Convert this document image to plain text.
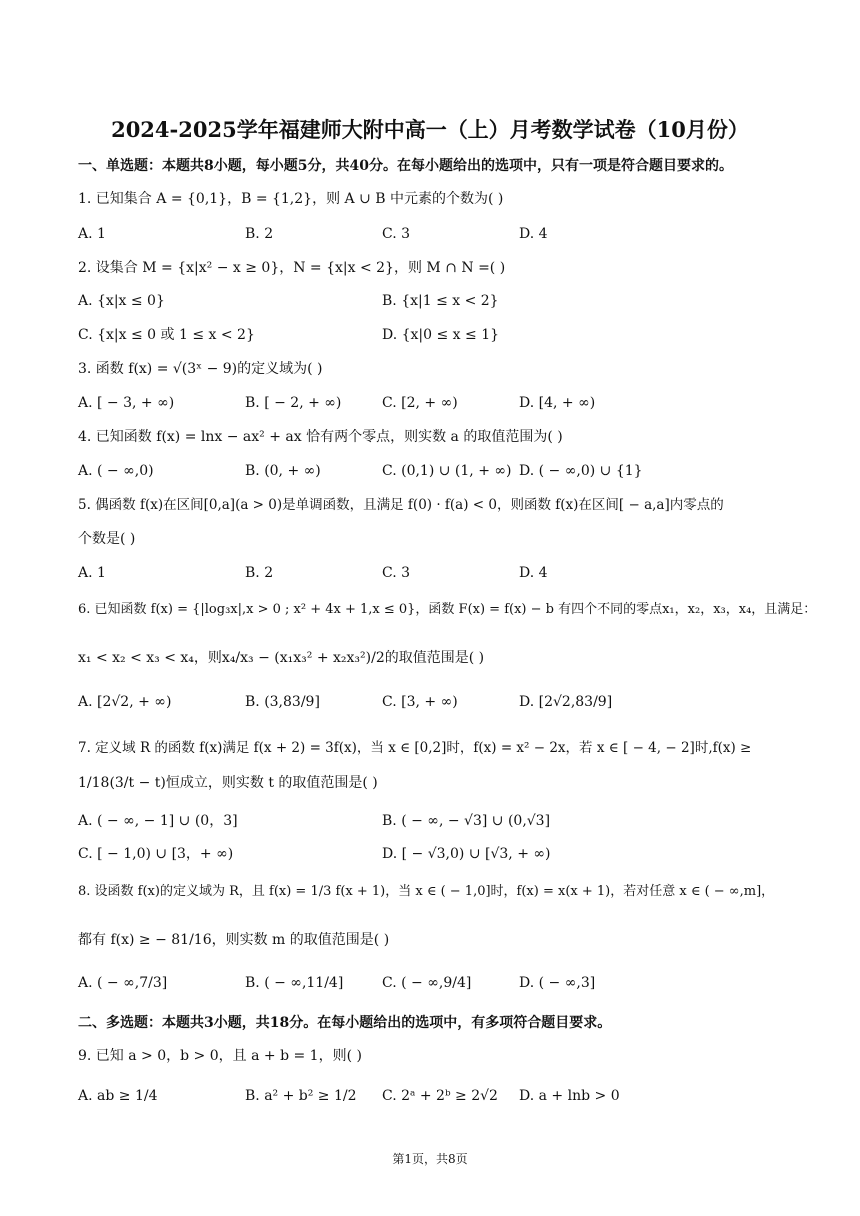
2024-2025学年福建师大附中高一（上）月考数学试卷（10月份）
一、单选题：本题共8小题，每小题5分，共40分。在每小题给出的选项中，只有一项是符合题目要求的。
1. 已知集合 A = {0,1}，B = {1,2}，则 A ∪ B 中元素的个数为( )
A. 1	B. 2	C. 3	D. 4
2. 设集合 M = {x|x² − x ≥ 0}，N = {x|x < 2}，则 M ∩ N =( )
A. {x|x ≤ 0}	B. {x|1 ≤ x < 2}
C. {x|x ≤ 0 或 1 ≤ x < 2}	D. {x|0 ≤ x ≤ 1}
3. 函数 f(x) = √(3ˣ − 9)的定义域为( )
A. [ − 3, + ∞)	B. [ − 2, + ∞)	C. [2, + ∞)	D. [4, + ∞)
4. 已知函数 f(x) = lnx − ax² + ax 恰有两个零点，则实数 a 的取值范围为( )
A. ( − ∞,0)	B. (0, + ∞)	C. (0,1) ∪ (1, + ∞) D. ( − ∞,0) ∪ {1}
5. 偶函数 f(x)在区间[0,a](a > 0)是单调函数，且满足 f(0) · f(a) < 0，则函数 f(x)在区间[ − a,a]内零点的
个数是( )
A. 1	B. 2	C. 3	D. 4
6. 已知函数 f(x) = {|log₃x|,x > 0 ; x² + 4x + 1,x ≤ 0}，函数 F(x) = f(x) − b 有四个不同的零点x₁，x₂，x₃，x₄，且满足：
x₁ < x₂ < x₃ < x₄，则x₄/x₃ − (x₁x₃² + x₂x₃²)/2的取值范围是( )
A. [2√2, + ∞)	B. (3,83/9]	C. [3, + ∞)	D. [2√2,83/9]
7. 定义域 R 的函数 f(x)满足 f(x + 2) = 3f(x)，当 x ∈ [0,2]时，f(x) = x² − 2x，若 x ∈ [ − 4, − 2]时,f(x) ≥
1/18(3/t − t)恒成立，则实数 t 的取值范围是( )
A. ( − ∞, − 1] ∪ (0，3]	B. ( − ∞, − √3] ∪ (0,√3]
C. [ − 1,0) ∪ [3，+ ∞)	D. [ − √3,0) ∪ [√3, + ∞)
8. 设函数 f(x)的定义域为 R，且 f(x) = 1/3 f(x + 1)，当 x ∈ ( − 1,0]时，f(x) = x(x + 1)，若对任意 x ∈ ( − ∞,m]，
都有 f(x) ≥ − 81/16，则实数 m 的取值范围是( )
A. ( − ∞,7/3]	B. ( − ∞,11/4]	C. ( − ∞,9/4]	D. ( − ∞,3]
二、多选题：本题共3小题，共18分。在每小题给出的选项中，有多项符合题目要求。
9. 已知 a > 0，b > 0，且 a + b = 1，则( )
A. ab ≥ 1/4	B. a² + b² ≥ 1/2 C. 2ᵃ + 2ᵇ ≥ 2√2 D. a + lnb > 0
第1页，共8页
